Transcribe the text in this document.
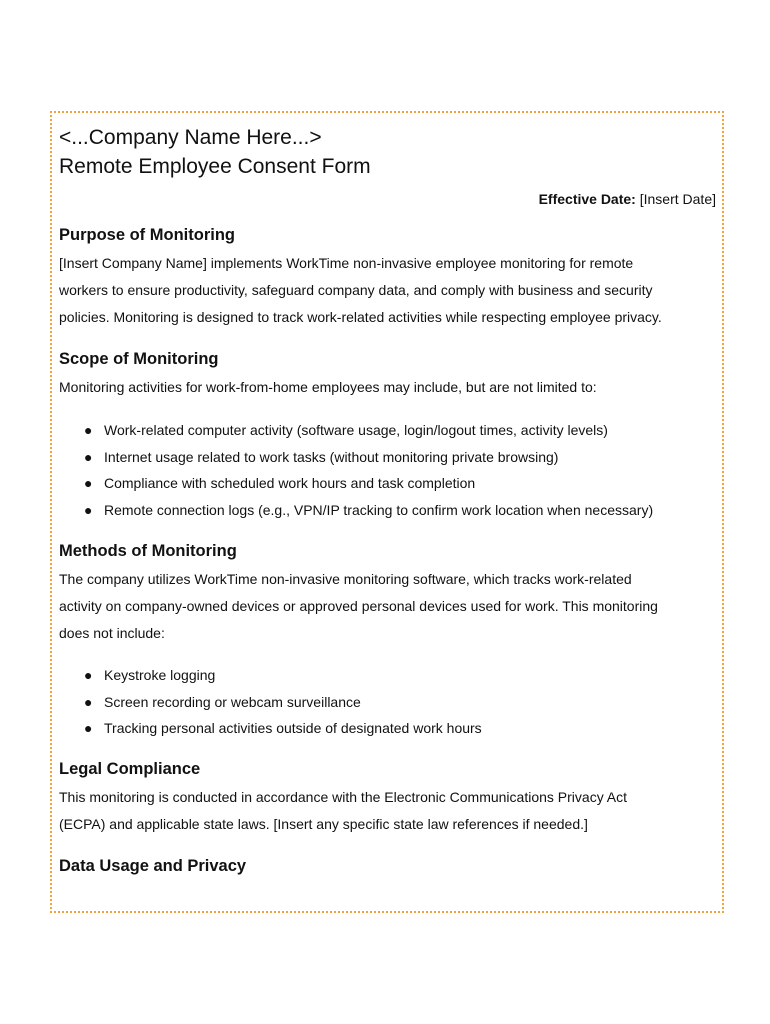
<...Company Name Here...>
Remote Employee Consent Form
Effective Date: [Insert Date]
Purpose of Monitoring

[Insert Company Name] implements WorkTime non-invasive employee monitoring for remote
workers to ensure productivity, safeguard company data, and comply with business and security
policies. Monitoring is designed to track work-related activities while respecting employee privacy.

Scope of Monitoring

Monitoring activities for work-from-home employees may include, but are not limited to:

● Work-related computer activity (software usage, login/logout times, activity levels)
● Internet usage related to work tasks (without monitoring private browsing)
● Compliance with scheduled work hours and task completion
● Remote connection logs (e.g., VPN/IP tracking to confirm work location when necessary)
Methods of Monitoring

The company utilizes WorkTime non-invasive monitoring software, which tracks work-related
activity on company-owned devices or approved personal devices used for work. This monitoring
does not include:

● Keystroke logging
● Screen recording or webcam surveillance
● Tracking personal activities outside of designated work hours
Legal Compliance

This monitoring is conducted in accordance with the Electronic Communications Privacy Act
(ECPA) and applicable state laws. [Insert any specific state law references if needed.]

Data Usage and Privacy
